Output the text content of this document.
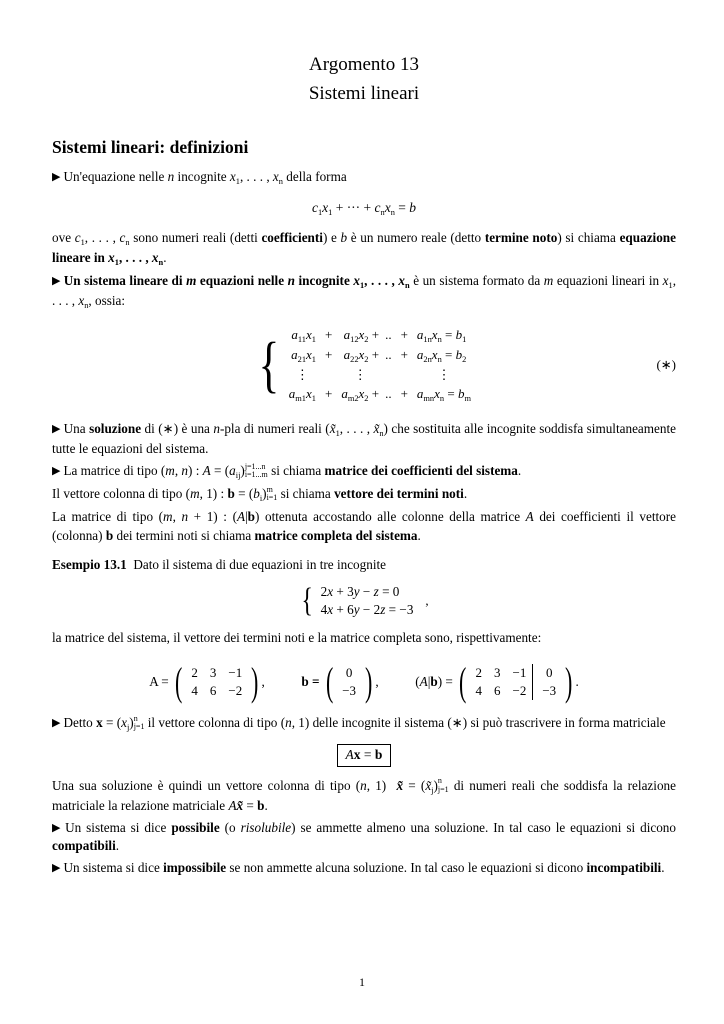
Argomento 13
Sistemi lineari
Sistemi lineari: definizioni

▶ Un'equazione nelle n incognite $x_1$, . . . , $x_n$ della forma

$c_1x_1$ + ··· + $c_nx_n = b$

ove $c_1$, . . . , $c_n$ sono numeri reali (detti coefficienti) e b è un numero reale (detto termine noto) si chiama equazione lineare in $x_1$, . . . , $x_n$.

▶ Un sistema lineare di m equazioni nelle n incognite $x_1$, . . . , $x_n$ è un sistema formato da m equazioni lineari in $x_1$, . . . , $x_n$, ossia:

{ $a_{11}x_1$	+	$a_{12}x_2$ +	..	+	$a_{1n}x_n = b_1$
$a_{21}x_1$	+	$a_{22}x_2$ +	..	+	$a_{2n}x_n = b_2$
⋮		⋮			⋮
$a_{m1}x_1$	+	$a_{m2}x_2$ +	..	+	$a_{mn}x_n = b_m$
(∗)

▶ Una soluzione di (∗) è una n-pla di numeri reali ($x̃_1$, . . . , $x̃_n$) che sostituita alle incognite soddisfa simultaneamente tutte le equazioni del sistema.

▶ La matrice di tipo (m, n) : $A = (a_{ij})j=1...n$
i=1...m si chiama matrice dei coefficienti del sistema.

Il vettore colonna di tipo (m, 1) : $b = (b_i)m$
i=1 si chiama vettore dei termini noti.

La matrice di tipo (m, n + 1) : (A|b) ottenuta accostando alle colonne della matrice A dei coefficienti il vettore (colonna) b dei termini noti si chiama matrice completa del sistema.

Esempio 13.1 Dato il sistema di due equazioni in tre incognite

{ 2x + 3y − z = 0
4x + 6y − 2z = −3,

la matrice del sistema, il vettore dei termini noti e la matrice completa sono, rispettivamente:

A = ( 2	3	−1
4	6	−2 ) ,	b = ( 0
−3 ) ,	(A|b) = ( 2	3	−1	0
4	6	−2	−3 ) .

▶ Detto $x = (x_j)n$
j=1 il vettore colonna di tipo (n, 1) delle incognite il sistema (∗) si può trascrivere in forma matriciale

Ax = b

Una sua soluzione è quindi un vettore colonna di tipo (n, 1)  x̃ = $(x̃_j)n$
j=1 di numeri reali che soddisfa la relazione matriciale la relazione matriciale Ax̃ = b.

▶ Un sistema si dice possibile (o risolubile) se ammette almeno una soluzione. In tal caso le equazioni si dicono compatibili.

▶ Un sistema si dice impossibile se non ammette alcuna soluzione. In tal caso le equazioni si dicono incompatibili.

1
